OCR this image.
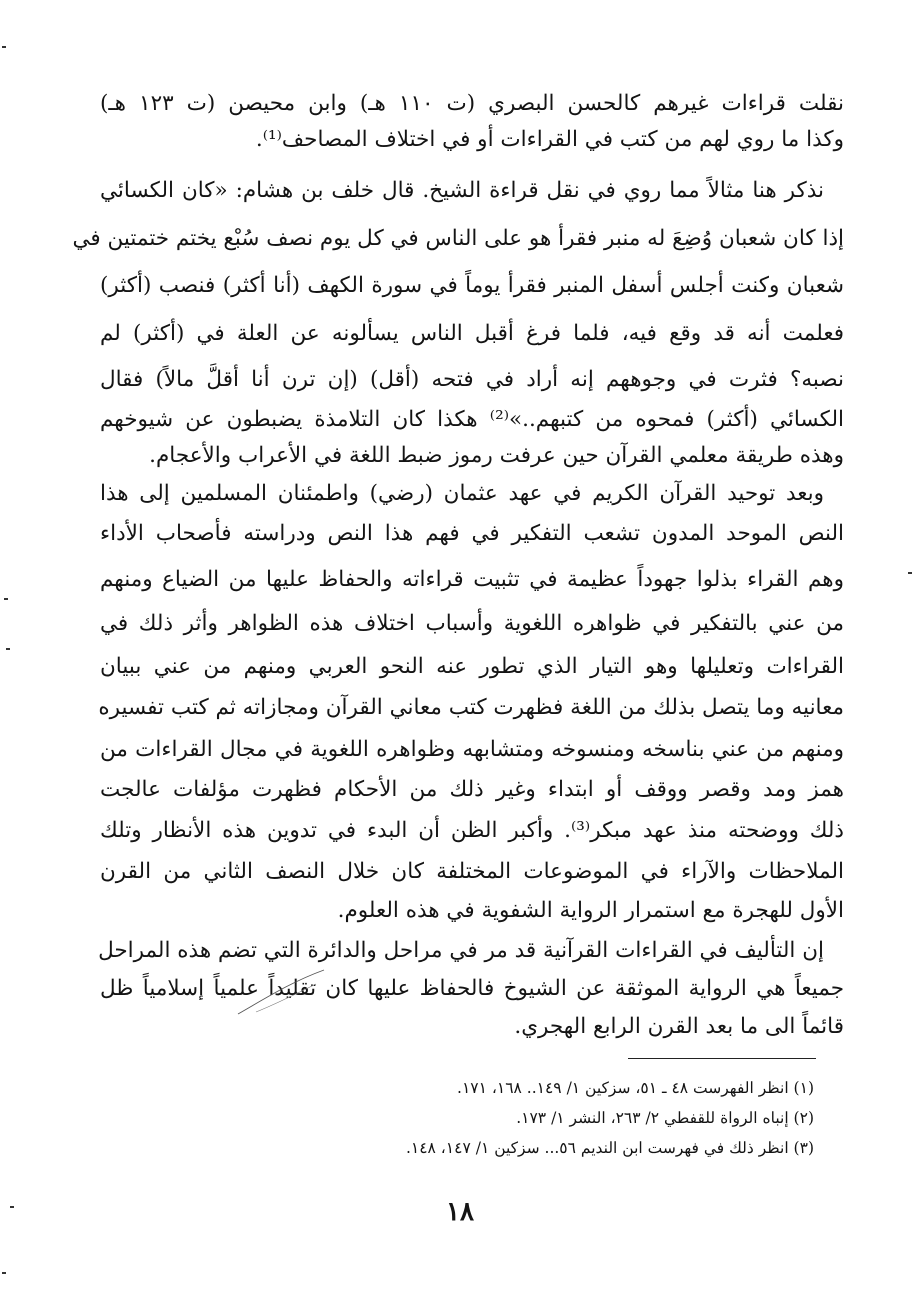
نقلت قراءات غيرهم كالحسن البصري (ت ١١٠ هـ) وابن محيصن (ت ١٢٣ هـ)
وكذا ما روي لهم من كتب في القراءات أو في اختلاف المصاحف⁽¹⁾.
نذكر هنا مثالاً مما روي في نقل قراءة الشيخ. قال خلف بن هشام: «كان الكسائي
إذا كان شعبان وُضِعَ له منبر فقرأ هو على الناس في كل يوم نصف سُبْع يختم ختمتين في
شعبان وكنت أجلس أسفل المنبر فقرأ يوماً في سورة الكهف (أنا أكثر) فنصب (أكثر)
فعلمت أنه قد وقع فيه، فلما فرغ أقبل الناس يسألونه عن العلة في (أكثر) لم
نصبه؟ فثرت في وجوههم إنه أراد في فتحه (أقل) (إن ترن أنا أقلَّ مالاً) فقال
الكسائي (أكثر) فمحوه من كتبهم..»⁽²⁾ هكذا كان التلامذة يضبطون عن شيوخهم
وهذه طريقة معلمي القرآن حين عرفت رموز ضبط اللغة في الأعراب والأعجام.
وبعد توحيد القرآن الكريم في عهد عثمان (رضي) واطمئنان المسلمين إلى هذا
النص الموحد المدون تشعب التفكير في فهم هذا النص ودراسته فأصحاب الأداء
وهم القراء بذلوا جهوداً عظيمة في تثبيت قراءاته والحفاظ عليها من الضياع ومنهم
من عني بالتفكير في ظواهره اللغوية وأسباب اختلاف هذه الظواهر وأثر ذلك في
القراءات وتعليلها وهو التيار الذي تطور عنه النحو العربي ومنهم من عني ببيان
معانيه وما يتصل بذلك من اللغة فظهرت كتب معاني القرآن ومجازاته ثم كتب تفسيره
ومنهم من عني بناسخه ومنسوخه ومتشابهه وظواهره اللغوية في مجال القراءات من
همز ومد وقصر ووقف أو ابتداء وغير ذلك من الأحكام فظهرت مؤلفات عالجت
ذلك ووضحته منذ عهد مبكر⁽³⁾. وأكبر الظن أن البدء في تدوين هذه الأنظار وتلك
الملاحظات والآراء في الموضوعات المختلفة كان خلال النصف الثاني من القرن
الأول للهجرة مع استمرار الرواية الشفوية في هذه العلوم.
إن التأليف في القراءات القرآنية قد مر في مراحل والدائرة التي تضم هذه المراحل
جميعاً هي الرواية الموثقة عن الشيوخ فالحفاظ عليها كان تقليداً علمياً إسلامياً ظل
قائماً الى ما بعد القرن الرابع الهجري.
(١) انظر الفهرست ٤٨ ـ ٥١، سزكين ١/ ١٤٩.. ١٦٨، ١٧١.
(٢) إنباه الرواة للقفطي ٢/ ٢٦٣، النشر ١/ ١٧٣.
(٣) انظر ذلك في فهرست ابن النديم ٥٦... سزكين ١/ ١٤٧، ١٤٨.
١٨
